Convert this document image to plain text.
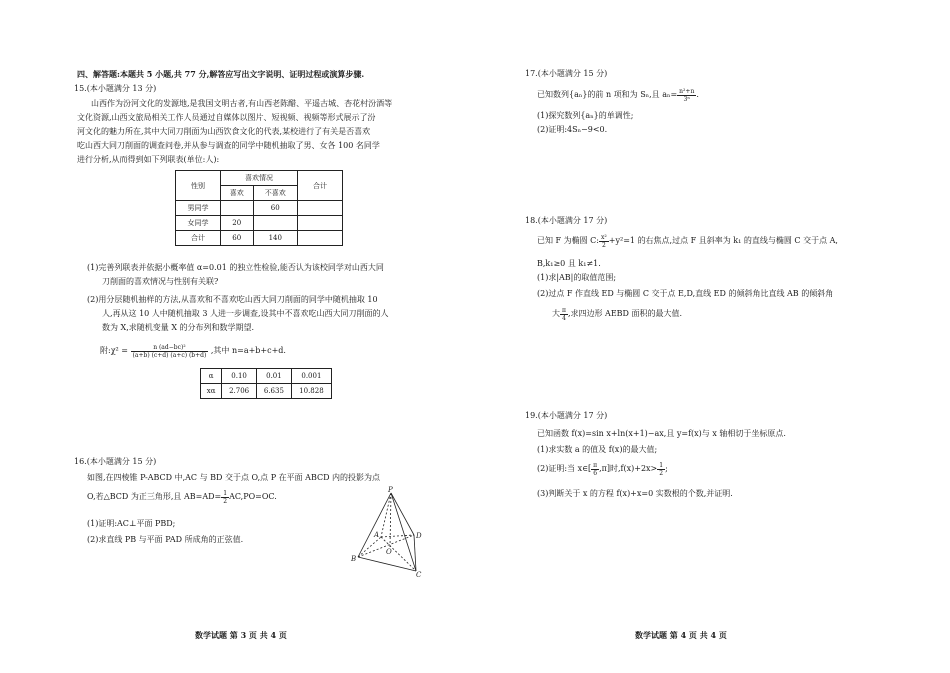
四、解答题:本题共 5 小题,共 77 分,解答应写出文字说明、证明过程或演算步骤.
15.(本小题满分 13 分)
山西作为汾河文化的发源地,是我国文明古者,有山西老陈醋、平遥古城、杏花村汾酒等
文化资源,山西文旅局相关工作人员通过自媒体以图片、短视频、视频等形式展示了汾
河文化的魅力所在,其中大同刀削面为山西饮食文化的代表,某校进行了有关是否喜欢
吃山西大同刀削面的调查问卷,并从参与调查的同学中随机抽取了男、女各 100 名同学
进行分析,从而得到如下列联表(单位:人):
性别	喜欢情况		合计
	喜欢	不喜欢	
男同学		60	
女同学	20		
合计	60	140	
(1)完善列联表并依据小概率值 α=0.01 的独立性检验,能否认为该校同学对山西大同
刀削面的喜欢情况与性别有关联?
(2)用分层随机抽样的方法,从喜欢和不喜欢吃山西大同刀削面的同学中随机抽取 10
人,再从这 10 人中随机抽取 3 人进一步调查,设其中不喜欢吃山西大同刀削面的人
数为 X,求随机变量 X 的分布列和数学期望.
附:χ² = $\frac{\text{n (ad−bc)²}}{(a+b) (c+d) (a+c) (b+d)}$ ,其中 n=a+b+c+d.
α	0.10	0.01	0.001
xα	2.706	6.635	10.828
16.(本小题满分 15 分)
如图,在四棱锥 P-ABCD 中,AC 与 BD 交于点 O,点 P 在平面 ABCD 内的投影为点
O,若△BCD 为正三角形,且 $AB=AD= \frac{1}{2} AC,PO=OC$.
(1)证明:AC⊥平面 PBD;
(2)求直线 PB 与平面 PAD 所成角的正弦值.
P
A
B
C
D
O
数学试题 第 3 页 共 4 页
17.(本小题满分 15 分)
已知数列{aₙ}的前 n 项和为 Sₙ,且 $a_n= \frac{\text{n²+n}}{\text{3ⁿ}}$ .
(1)探究数列{aₙ}的单调性;
(2)证明:4Sₙ−9<0.
18.(本小题满分 17 分)
已知 F 为椭圆 C: $\frac{\text{x²}}{2} +y^2=1$ 的右焦点,过点 F 且斜率为 k₁ 的直线与椭圆 C 交于点 A,
B,k₁≥0 且 k₁≠1.
(1)求|AB|的取值范围;
(2)过点 F 作直线 ED 与椭圆 C 交于点 E,D,直线 ED 的倾斜角比直线 AB 的倾斜角
大 $\frac{\pi}{4}$ ,求四边形 AEBD 面积的最大值.
19.(本小题满分 17 分)
已知函数 f(x)=sin x+ln(x+1)−ax,且 y=f(x)与 x 轴相切于坐标原点.
(1)求实数 a 的值及 f(x)的最大值;
(2)证明:当 x∈[ $\frac{\pi}{6} ,\pi$]时$,f(x)+2x> \frac{1}{2}$ ;
(3)判断关于 x 的方程 f(x)+x=0 实数根的个数,并证明.
数学试题 第 4 页 共 4 页
